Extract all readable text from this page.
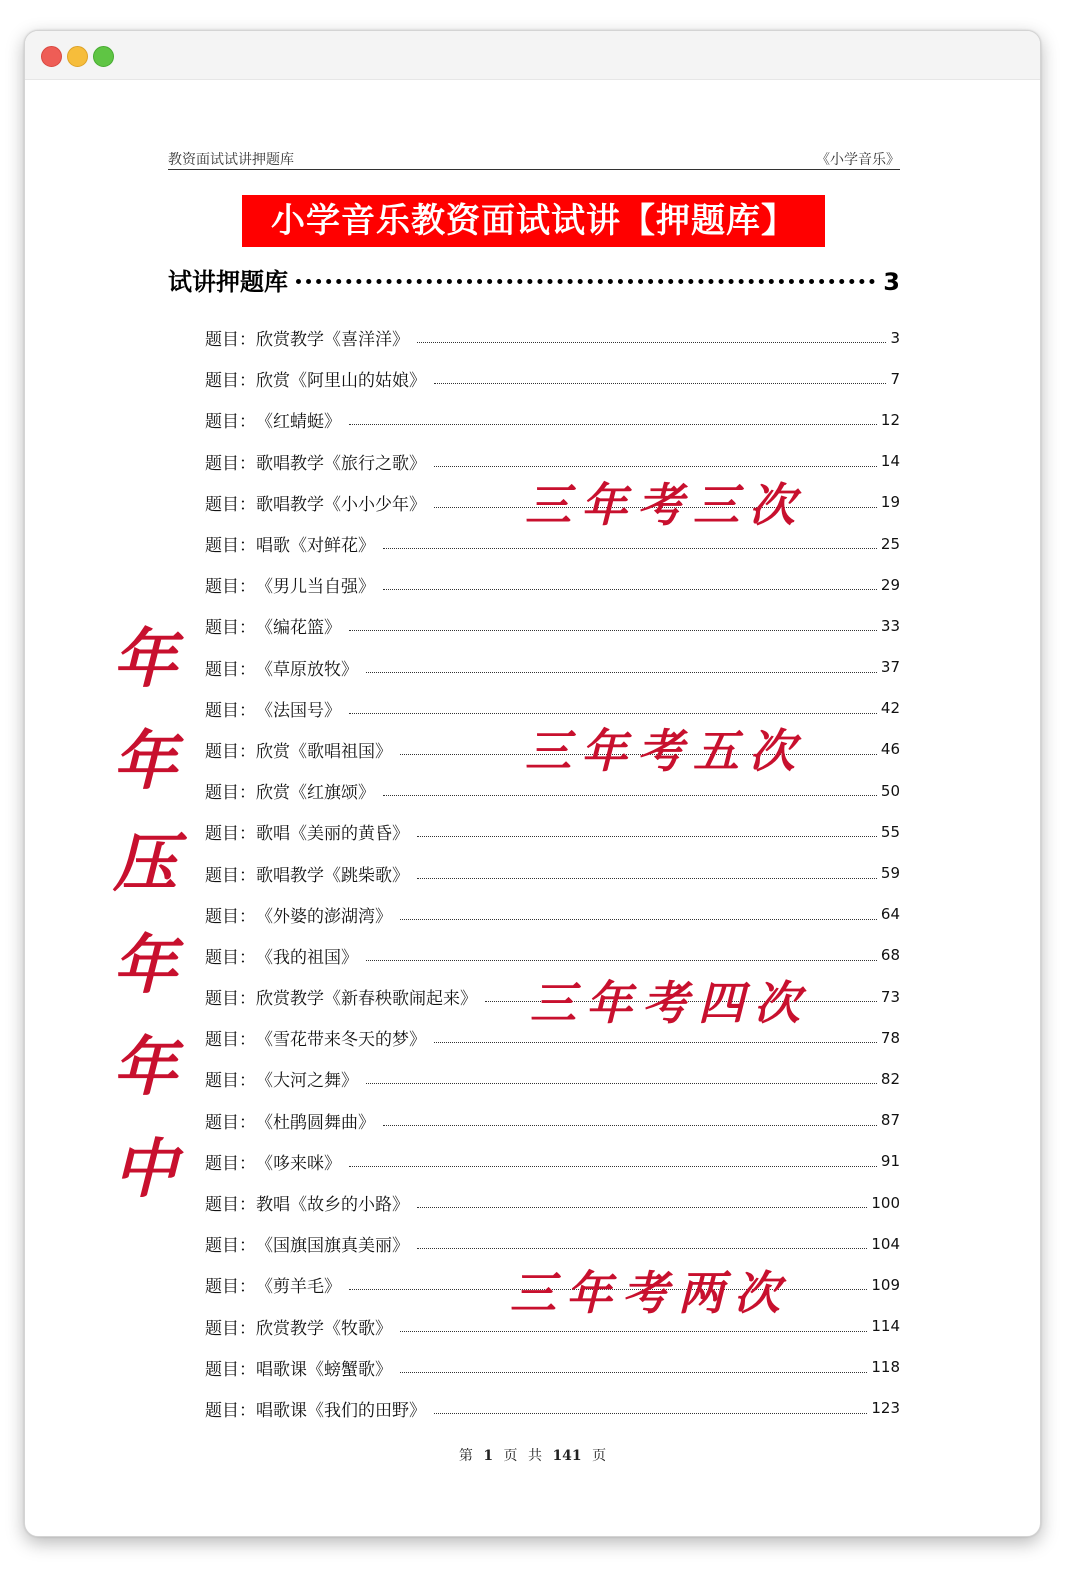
教资面试试讲押题库	《小学音乐》
小学音乐教资面试试讲【押题库】
试讲押题库	3
题目： 欣赏教学《喜洋洋》	3
题目： 欣赏《阿里山的姑娘》	7
题目： 《红蜻蜓》	12
题目： 歌唱教学《旅行之歌》	14
题目： 歌唱教学《小小少年》	19
题目： 唱歌《对鲜花》	25
题目： 《男儿当自强》	29
题目： 《编花篮》	33
题目： 《草原放牧》	37
题目： 《法国号》	42
题目： 欣赏《歌唱祖国》	46
题目： 欣赏《红旗颂》	50
题目： 歌唱《美丽的黄昏》	55
题目： 歌唱教学《跳柴歌》	59
题目： 《外婆的澎湖湾》	64
题目： 《我的祖国》	68
题目： 欣赏教学《新春秧歌闹起来》	73
题目： 《雪花带来冬天的梦》	78
题目： 《大河之舞》	82
题目： 《杜鹃圆舞曲》	87
题目： 《哆来咪》	91
题目： 教唱《故乡的小路》	100
题目： 《国旗国旗真美丽》	104
题目： 《剪羊毛》	109
题目： 欣赏教学《牧歌》	114
题目： 唱歌课《螃蟹歌》	118
题目： 唱歌课《我们的田野》	123
第 1 页 共 141 页
年
年
压
年
年
中
三年考三次
三年考五次
三年考四次
三年考两次
